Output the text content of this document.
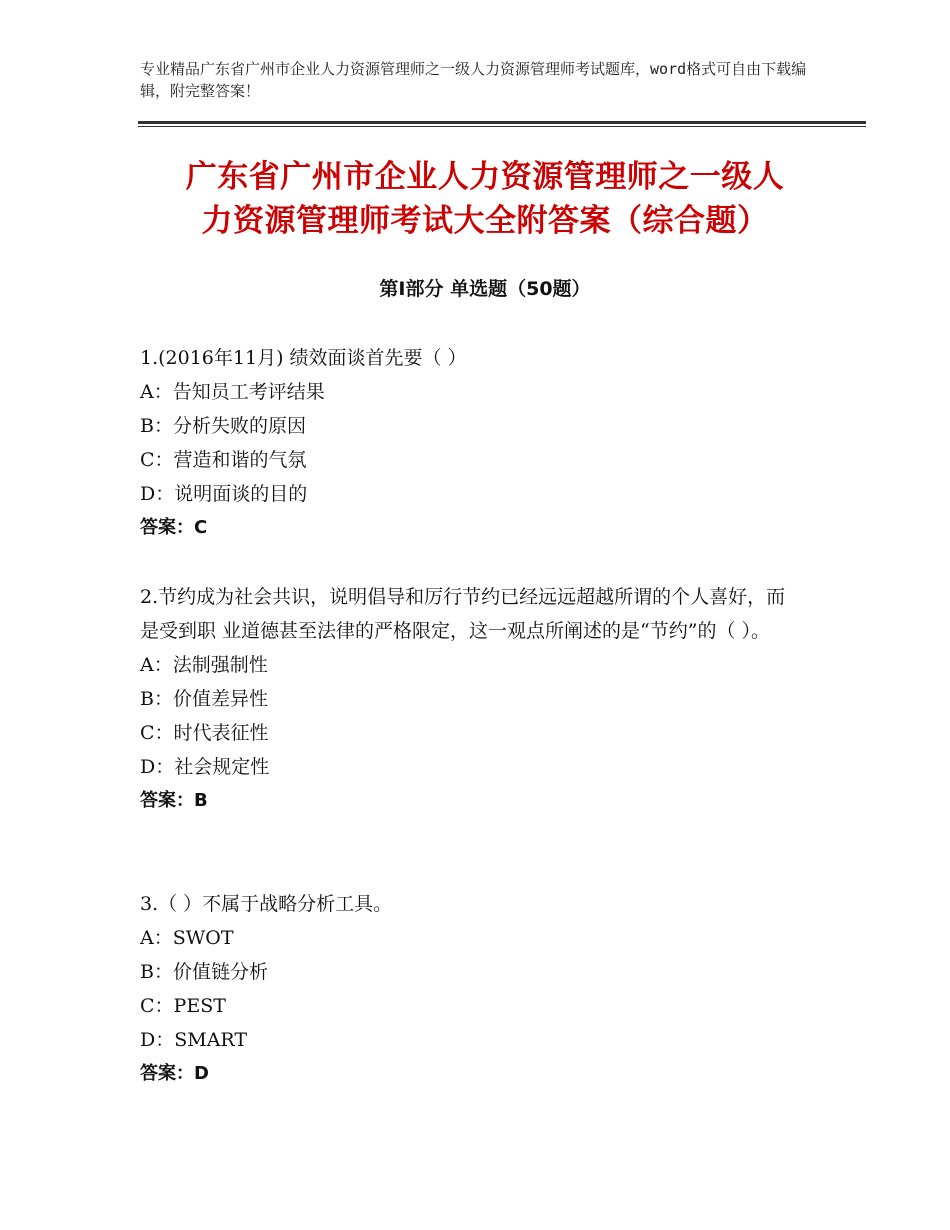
专业精品广东省广州市企业人力资源管理师之一级人力资源管理师考试题库，word格式可自由下载编辑，附完整答案！
广东省广州市企业人力资源管理师之一级人
力资源管理师考试大全附答案（综合题）
第Ⅰ部分 单选题（50题）

1.(2016年11月) 绩效面谈首先要（ ）

A：告知员工考评结果

B：分析失败的原因

C：营造和谐的气氛

D：说明面谈的目的

答案：C

2.节约成为社会共识，说明倡导和厉行节约已经远远超越所谓的个人喜好，而是受到职 业道德甚至法律的严格限定，这一观点所阐述的是“节约”的（ ）。

A：法制强制性

B：价值差异性

C：时代表征性

D：社会规定性

答案：B

3.（ ）不属于战略分析工具。

A：SWOT

B：价值链分析

C：PEST

D：SMART

答案：D
